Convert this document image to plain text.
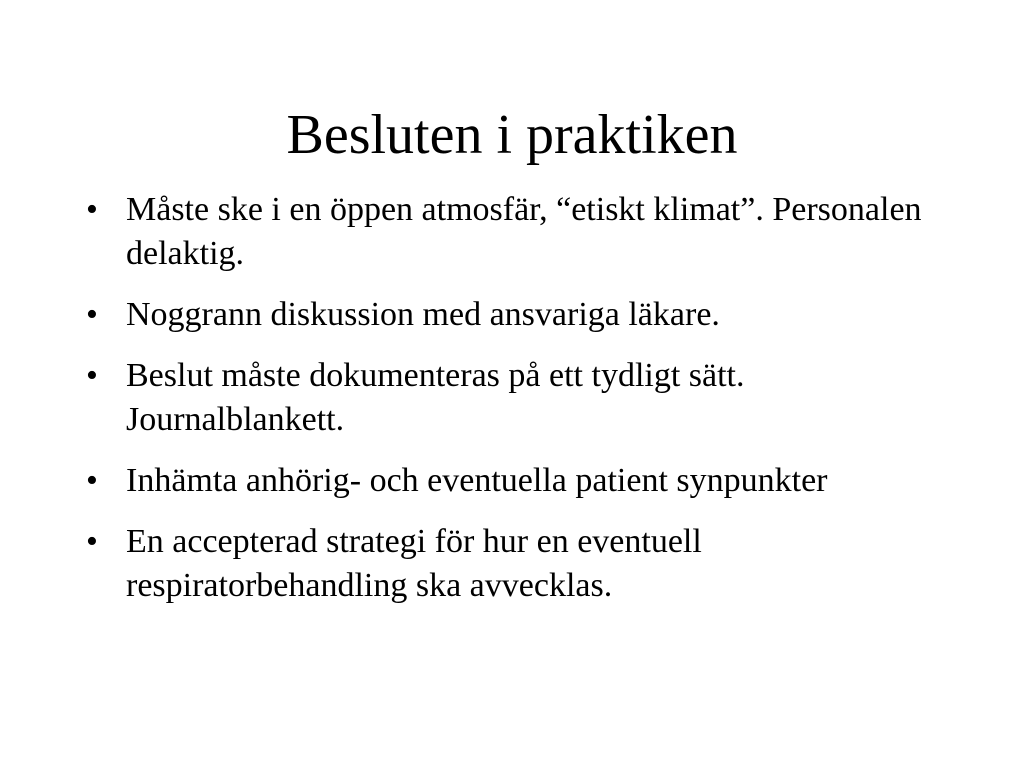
Besluten i praktiken
• Måste ske i en öppen atmosfär, “etiskt klimat”. Personalen delaktig.
• Noggrann diskussion med ansvariga läkare.
• Beslut måste dokumenteras på ett tydligt sätt. Journalblankett.
• Inhämta anhörig- och eventuella patient synpunkter
• En accepterad strategi för hur en eventuell respiratorbehandling ska avvecklas.
